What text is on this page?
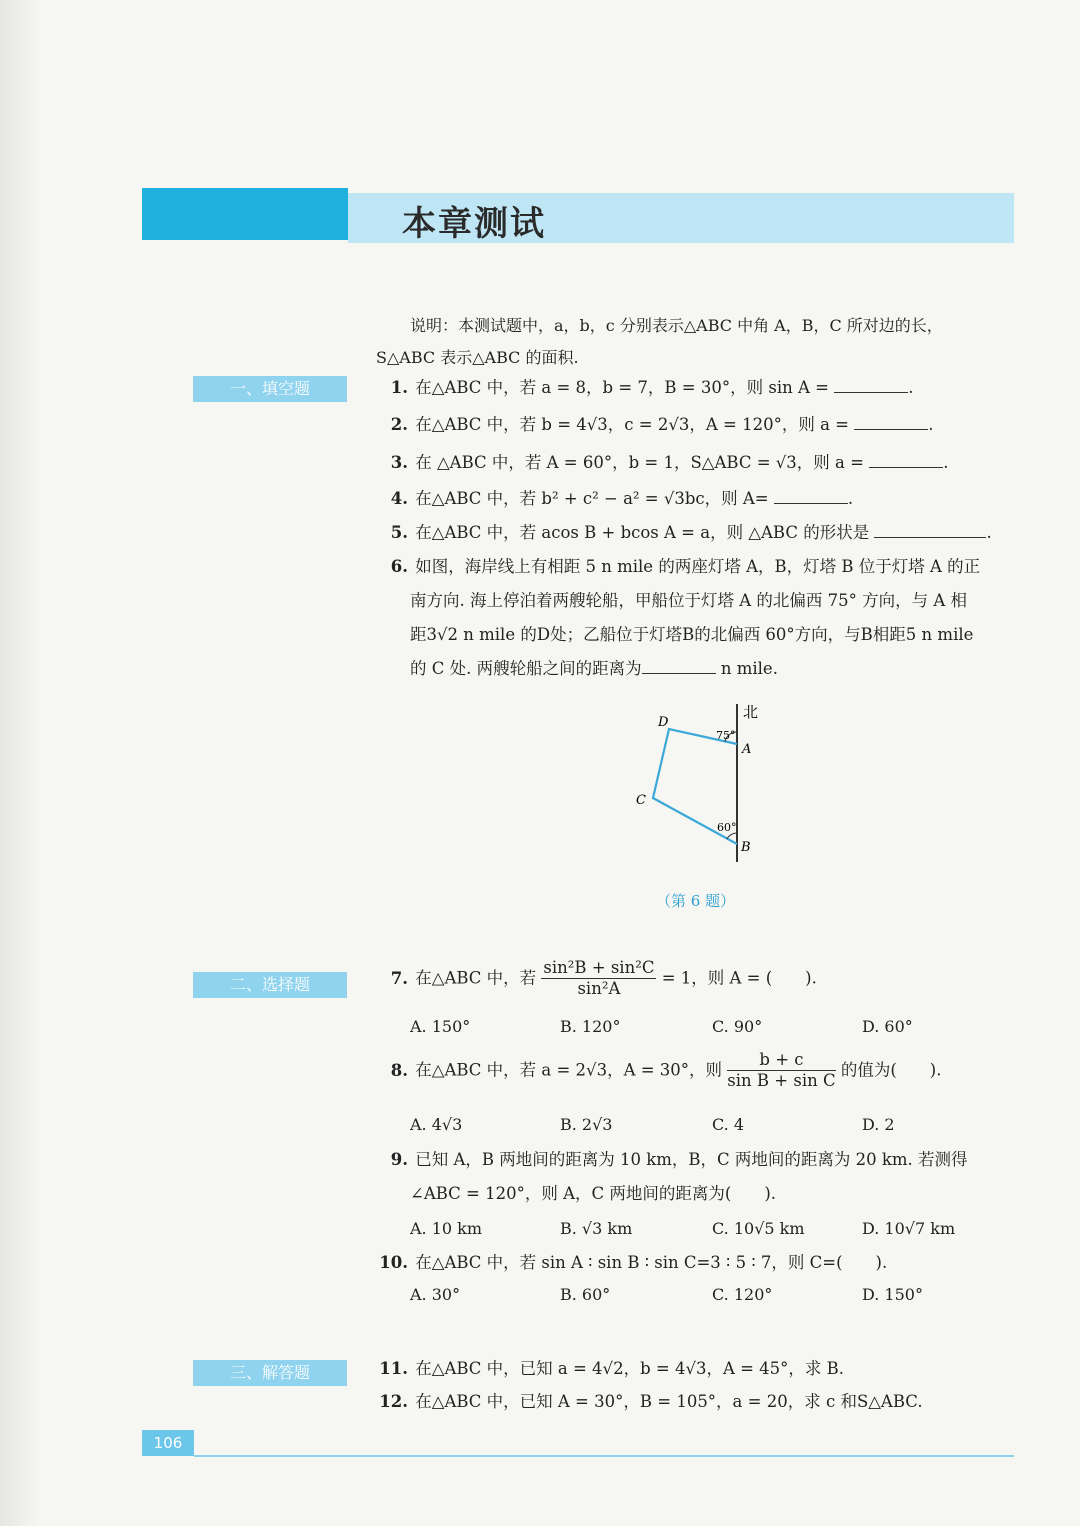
本章测试
说明：本测试题中，a，b，c 分别表示△ABC 中角 A，B，C 所对边的长，
S△ABC 表示△ABC 的面积.
一、填空题
二、选择题
三、解答题
1. 在△ABC 中，若 a = 8，b = 7，B = 30°，则 sin A =	.
2. 在△ABC 中，若 b = 4√3，c = 2√3，A = 120°，则 a =	.
3. 在 △ABC 中，若 A = 60°，b = 1，S△ABC = √3，则 a =	.
4. 在△ABC 中，若 b² + c² − a² = √3bc，则 A=	.
5. 在△ABC 中，若 acos B + bcos A = a，则 △ABC 的形状是	.
6. 如图，海岸线上有相距 5 n mile 的两座灯塔 A，B，灯塔 B 位于灯塔 A 的正
南方向. 海上停泊着两艘轮船，甲船位于灯塔 A 的北偏西 75° 方向，与 A 相
距3√2 n mile 的D处；乙船位于灯塔B的北偏西 60°方向，与B相距5 n mile
的 C 处. 两艘轮船之间的距离为	n mile.
北
D
A
C
B
75°
60°
（第 6 题）
7. 在△ABC 中，若 $\frac{\text{sin²B + sin²C}}{\text{sin²A}} = 1$，则 A = (　　).
A. 150°	B. 120°	C. 90°	D. 60°
8. 在△ABC 中，若 a = 2√3，A = 30°，则 $\frac{b + c}{\text{sin B + sin C}}$ 的值为(　　).
A. 4√3	B. 2√3	C. 4	D. 2
9. 已知 A，B 两地间的距离为 10 km，B，C 两地间的距离为 20 km. 若测得
∠ABC = 120°，则 A，C 两地间的距离为(　　).
A. 10 km	B. √3 km	C. 10√5 km	D. 10√7 km
10. 在△ABC 中，若 sin A ∶ sin B ∶ sin C=3 ∶ 5 ∶ 7，则 C=(　　).
A. 30°	B. 60°	C. 120°	D. 150°
11. 在△ABC 中，已知 a = 4√2，b = 4√3，A = 45°，求 B.
12. 在△ABC 中，已知 A = 30°，B = 105°，a = 20，求 c 和S△ABC.
106
